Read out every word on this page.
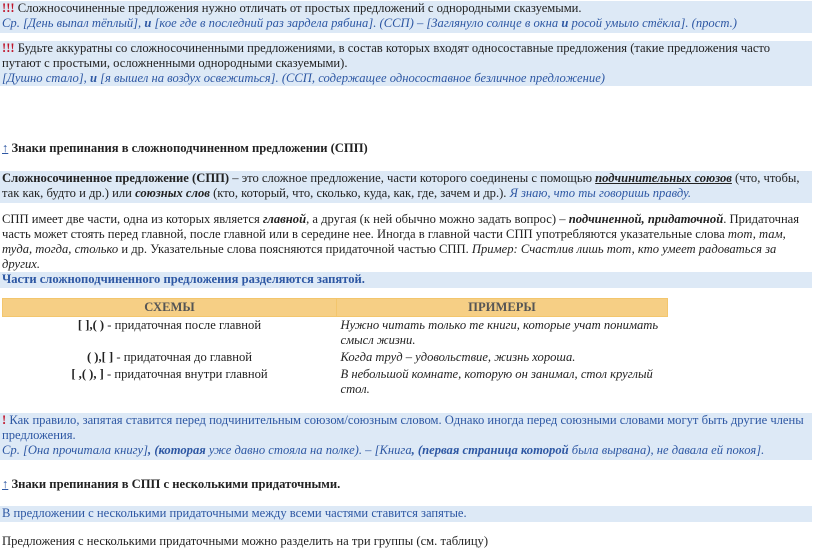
!!! Сложносочиненные предложения нужно отличать от простых предложений с однородными сказуемыми.
Ср. [День выпал тёплый], и [кое где в последний раз зардела рябина]. (ССП) – [Заглянуло солнце в окна и росой умыло стёкла]. (прост.)
!!! Будьте аккуратны со сложносочиненными предложениями, в состав которых входят односоставные предложения (такие предложения часто путают с простыми, осложненными однородными сказуемыми).
[Душно стало], и [я вышел на воздух освежиться]. (ССП, содержащее односоставное безличное предложение)
↑ Знаки препинания в сложноподчиненном предложении (СПП)
Сложносочиненное предложение (СПП) – это сложное предложение, части которого соединены с помощью подчинительных союзов (что, чтобы, так как, будто и др.) или союзных слов (кто, который, что, сколько, куда, как, где, зачем и др.). Я знаю, что ты говоришь правду.
СПП имеет две части, одна из которых является главной, а другая (к ней обычно можно задать вопрос) – подчиненной, придаточной. Придаточная часть может стоять перед главной, после главной или в середине нее. Иногда в главной части СПП употребляются указательные слова тот, там, туда, тогда, столько и др. Указательные слова поясняются придаточной частью СПП. Пример: Счастлив лишь тот, кто умеет радоваться за других.
Части сложноподчиненного предложения разделяются запятой.
СХЕМЫ	ПРИМЕРЫ
[ ],( ) - придаточная после главной	Нужно читать только те книги, которые учат понимать смысл жизни.
( ),[ ] - придаточная до главной	Когда труд – удовольствие, жизнь хороша.
[ ,( ), ] - придаточная внутри главной	В небольшой комнате, которую он занимал, стол круглый стол.
! Как правило, запятая ставится перед подчинительным союзом/союзным словом. Однако иногда перед союзными словами могут быть другие члены предложения.
Ср. [Она прочитала книгу], (которая уже давно стояла на полке). – [Книга, (первая страница которой была вырвана), не давала ей покоя].
↑ Знаки препинания в СПП с несколькими придаточными.
В предложении с несколькими придаточными между всеми частями ставится запятые.
Предложения с несколькими придаточными можно разделить на три группы (см. таблицу)
